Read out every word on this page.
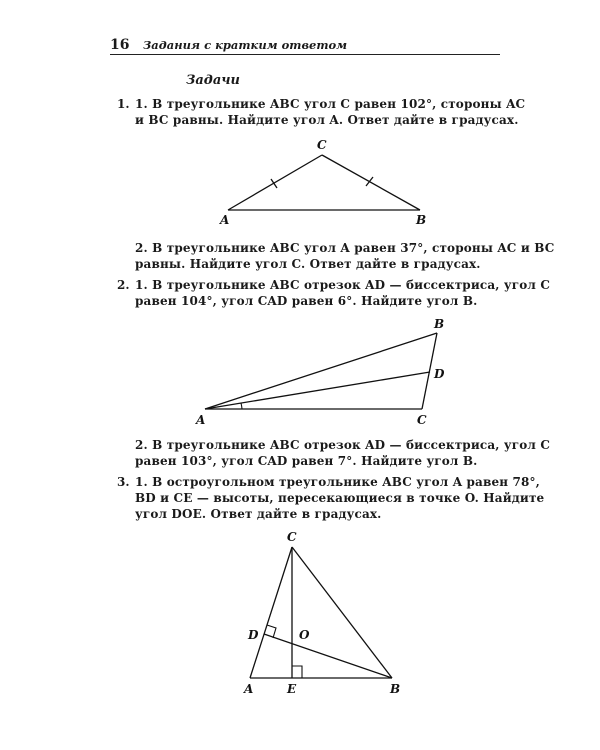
16 Задания с кратким ответом
Задачи
1. 1. В треугольнике ABC угол C равен 102°, стороны AC
и BC равны. Найдите угол A. Ответ дайте в градусах.
2. В треугольнике ABC угол A равен 37°, стороны AC и BC
равны. Найдите угол C. Ответ дайте в градусах.
2. 1. В треугольнике ABC отрезок AD — биссектриса, угол C
равен 104°, угол CAD равен 6°. Найдите угол B.
2. В треугольнике ABC отрезок AD — биссектриса, угол C
равен 103°, угол CAD равен 7°. Найдите угол B.
3. 1. В остроугольном треугольнике ABC угол A равен 78°,
BD и CE — высоты, пересекающиеся в точке O. Найдите
угол DOE. Ответ дайте в градусах.
A	B
C
A
B
C
D
A	B
C
D
E
O
